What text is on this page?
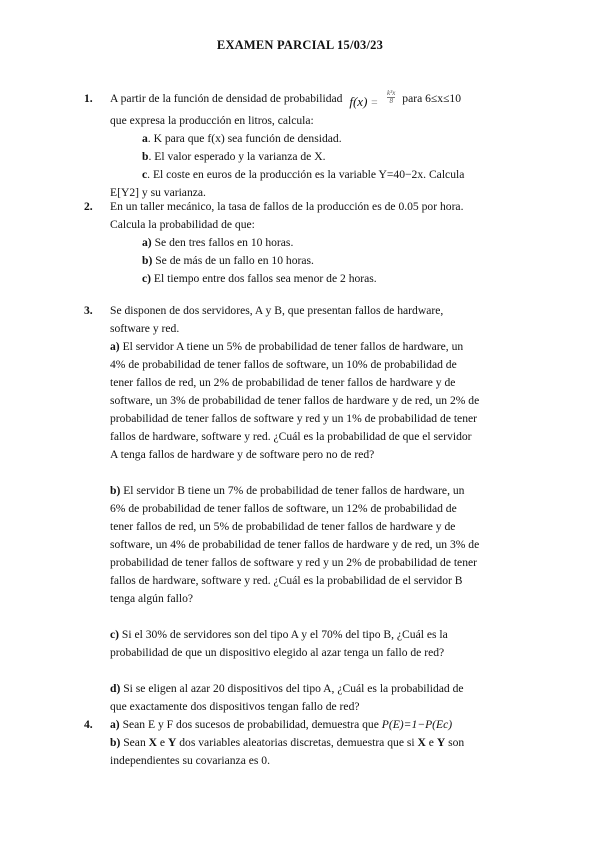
EXAMEN PARCIAL 15/03/23
1. A partir de la función de densidad de probabilidad $f(x) = \frac{\text{k³x}}{8}$ para 6≤x≤10

que expresa la producción en litros, calcula:

a. K para que f(x) sea función de densidad.

b. El valor esperado y la varianza de X.

c. El coste en euros de la producción es la variable Y=40−2x. Calcula

E[Y2] y su varianza.

2. En un taller mecánico, la tasa de fallos de la producción es de 0.05 por hora.

Calcula la probabilidad de que:

a) Se den tres fallos en 10 horas.

b) Se de más de un fallo en 10 horas.

c) El tiempo entre dos fallos sea menor de 2 horas.

3. Se disponen de dos servidores, A y B, que presentan fallos de hardware,

software y red.

a) El servidor A tiene un 5% de probabilidad de tener fallos de hardware, un

4% de probabilidad de tener fallos de software, un 10% de probabilidad de

tener fallos de red, un 2% de probabilidad de tener fallos de hardware y de

software, un 3% de probabilidad de tener fallos de hardware y de red, un 2% de

probabilidad de tener fallos de software y red y un 1% de probabilidad de tener

fallos de hardware, software y red. ¿Cuál es la probabilidad de que el servidor

A tenga fallos de hardware y de software pero no de red?

b) El servidor B tiene un 7% de probabilidad de tener fallos de hardware, un

6% de probabilidad de tener fallos de software, un 12% de probabilidad de

tener fallos de red, un 5% de probabilidad de tener fallos de hardware y de

software, un 4% de probabilidad de tener fallos de hardware y de red, un 3% de

probabilidad de tener fallos de software y red y un 2% de probabilidad de tener

fallos de hardware, software y red. ¿Cuál es la probabilidad de el servidor B

tenga algún fallo?

c) Si el 30% de servidores son del tipo A y el 70% del tipo B, ¿Cuál es la

probabilidad de que un dispositivo elegido al azar tenga un fallo de red?

d) Si se eligen al azar 20 dispositivos del tipo A, ¿Cuál es la probabilidad de

que exactamente dos dispositivos tengan fallo de red?

4. a) Sean E y F dos sucesos de probabilidad, demuestra que P(E)=1−P(Ec)

b) Sean X e Y dos variables aleatorias discretas, demuestra que si X e Y son

independientes su covarianza es 0.
